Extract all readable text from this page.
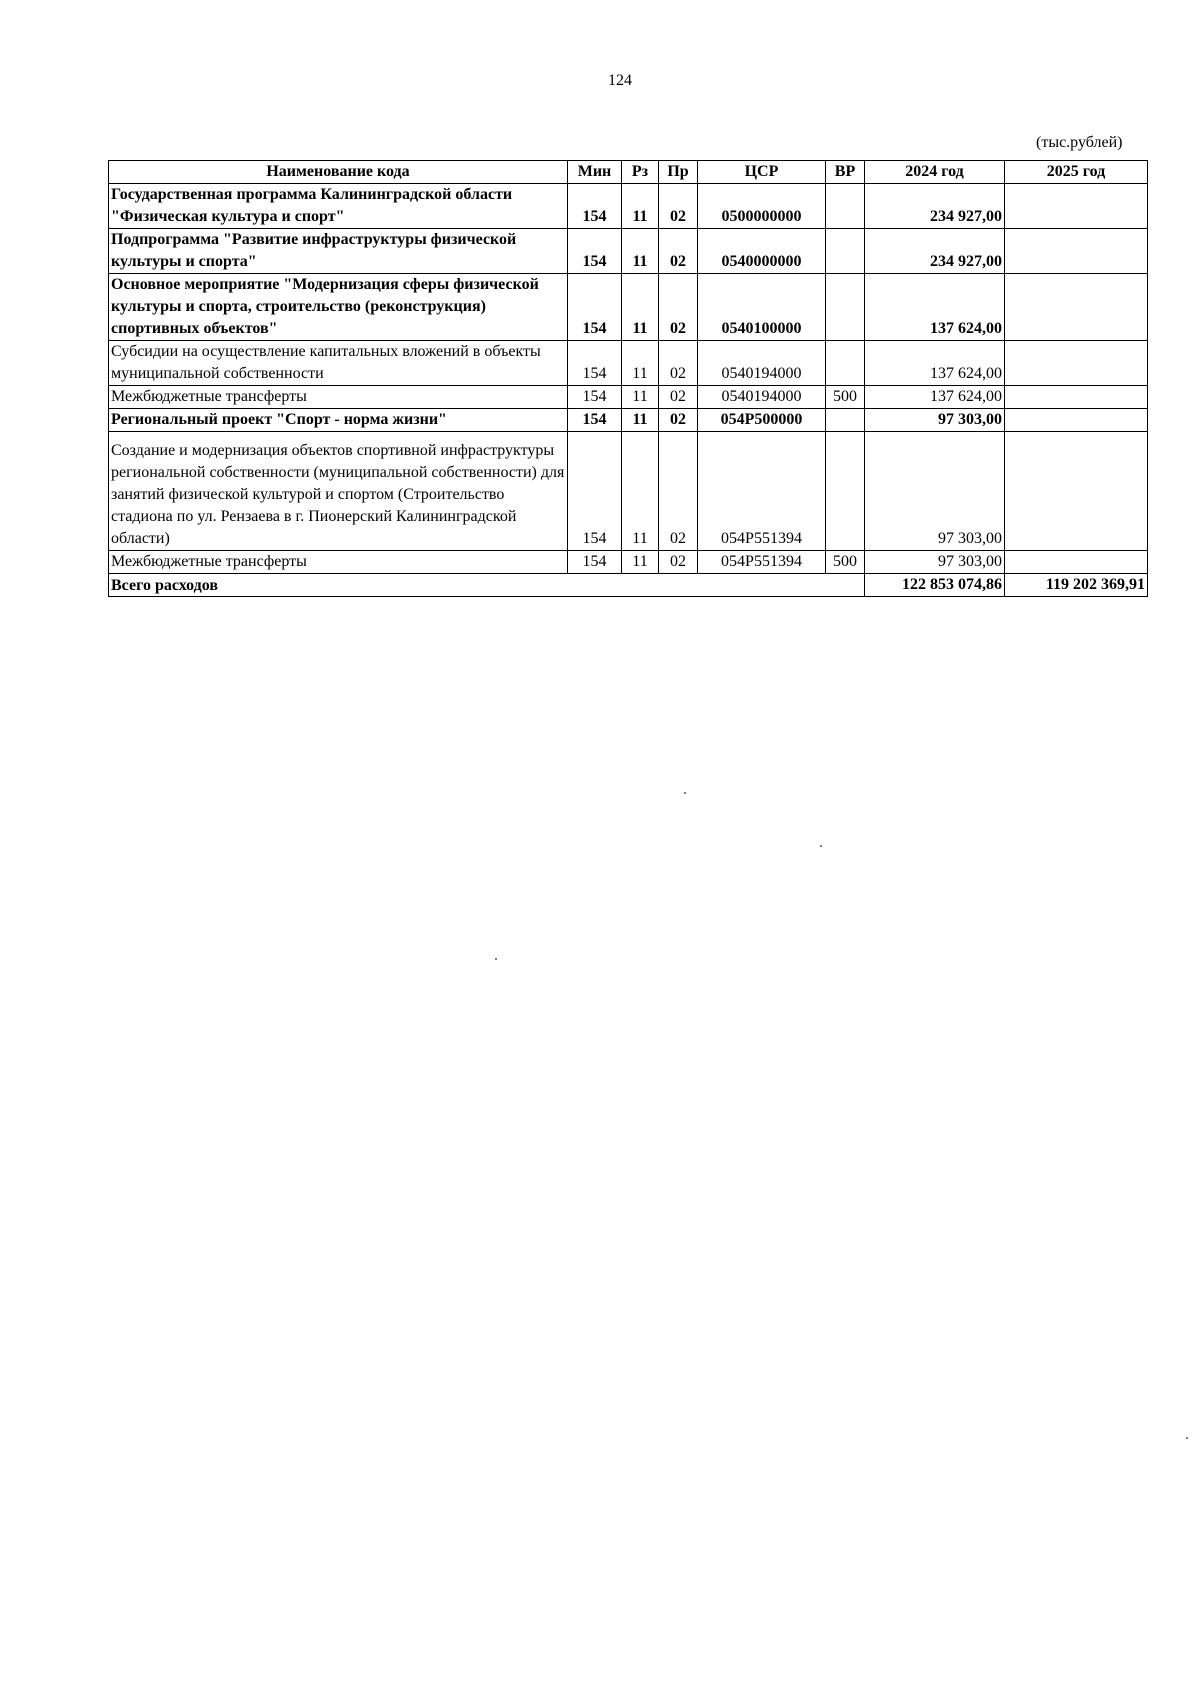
124
(тыс.рублей)
Наименование кода	Мин	Рз	Пр	ЦСР	ВР	2024 год	2025 год
Государственная программа Калининградской области "Физическая культура и спорт"	154	11	02	0500000000		234 927,00	
Подпрограмма "Развитие инфраструктуры физической культуры и спорта"	154	11	02	0540000000		234 927,00	
Основное мероприятие "Модернизация сферы физической культуры и спорта, строительство (реконструкция) спортивных объектов"	154	11	02	0540100000		137 624,00	
Субсидии на осуществление капитальных вложений в объекты муниципальной собственности	154	11	02	0540194000		137 624,00	
Межбюджетные трансферты	154	11	02	0540194000	500	137 624,00	
Региональный проект "Спорт - норма жизни"	154	11	02	054P500000		97 303,00	
Создание и модернизация объектов спортивной инфраструктуры региональной собственности (муниципальной собственности) для занятий физической культурой и спортом (Строительство стадиона по ул. Рензаева в г. Пионерский Калининградской области)	154	11	02	054P551394		97 303,00	
Межбюджетные трансферты	154	11	02	054P551394	500	97 303,00	
Всего расходов						122 853 074,86	119 202 369,91
